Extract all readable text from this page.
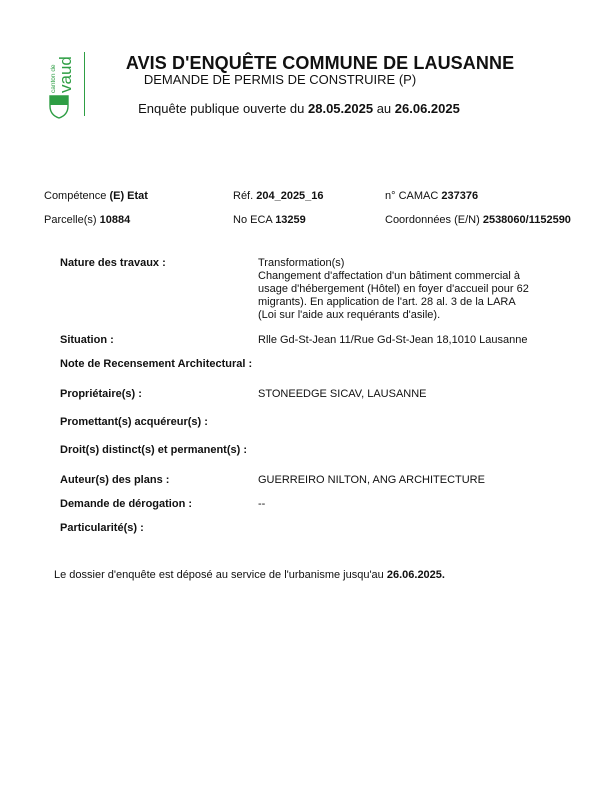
canton de vaud	AVIS D'ENQUÊTE COMMUNE DE LAUSANNE
DEMANDE DE PERMIS DE CONSTRUIRE (P)
Enquête publique ouverte du 28.05.2025 au 26.06.2025
Compétence (E) Etat	Réf. 204_2025_16	n° CAMAC 237376
Parcelle(s) 10884	No ECA 13259	Coordonnées (E/N) 2538060/1152590
Nature des travaux :	Transformation(s)
Changement d'affectation d'un bâtiment commercial à usage d'hébergement (Hôtel) en foyer d'accueil pour 62 migrants). En application de l'art. 28 al. 3 de la LARA (Loi sur l'aide aux requérants d'asile).
Situation :	Rlle Gd-St-Jean 11/Rue Gd-St-Jean 18,1010 Lausanne
Note de Recensement Architectural :
Propriétaire(s) :	STONEEDGE SICAV, LAUSANNE
Promettant(s) acquéreur(s) :
Droit(s) distinct(s) et permanent(s) :
Auteur(s) des plans :	GUERREIRO NILTON, ANG ARCHITECTURE
Demande de dérogation :	--
Particularité(s) :
Le dossier d'enquête est déposé au service de l'urbanisme jusqu'au 26.06.2025.
